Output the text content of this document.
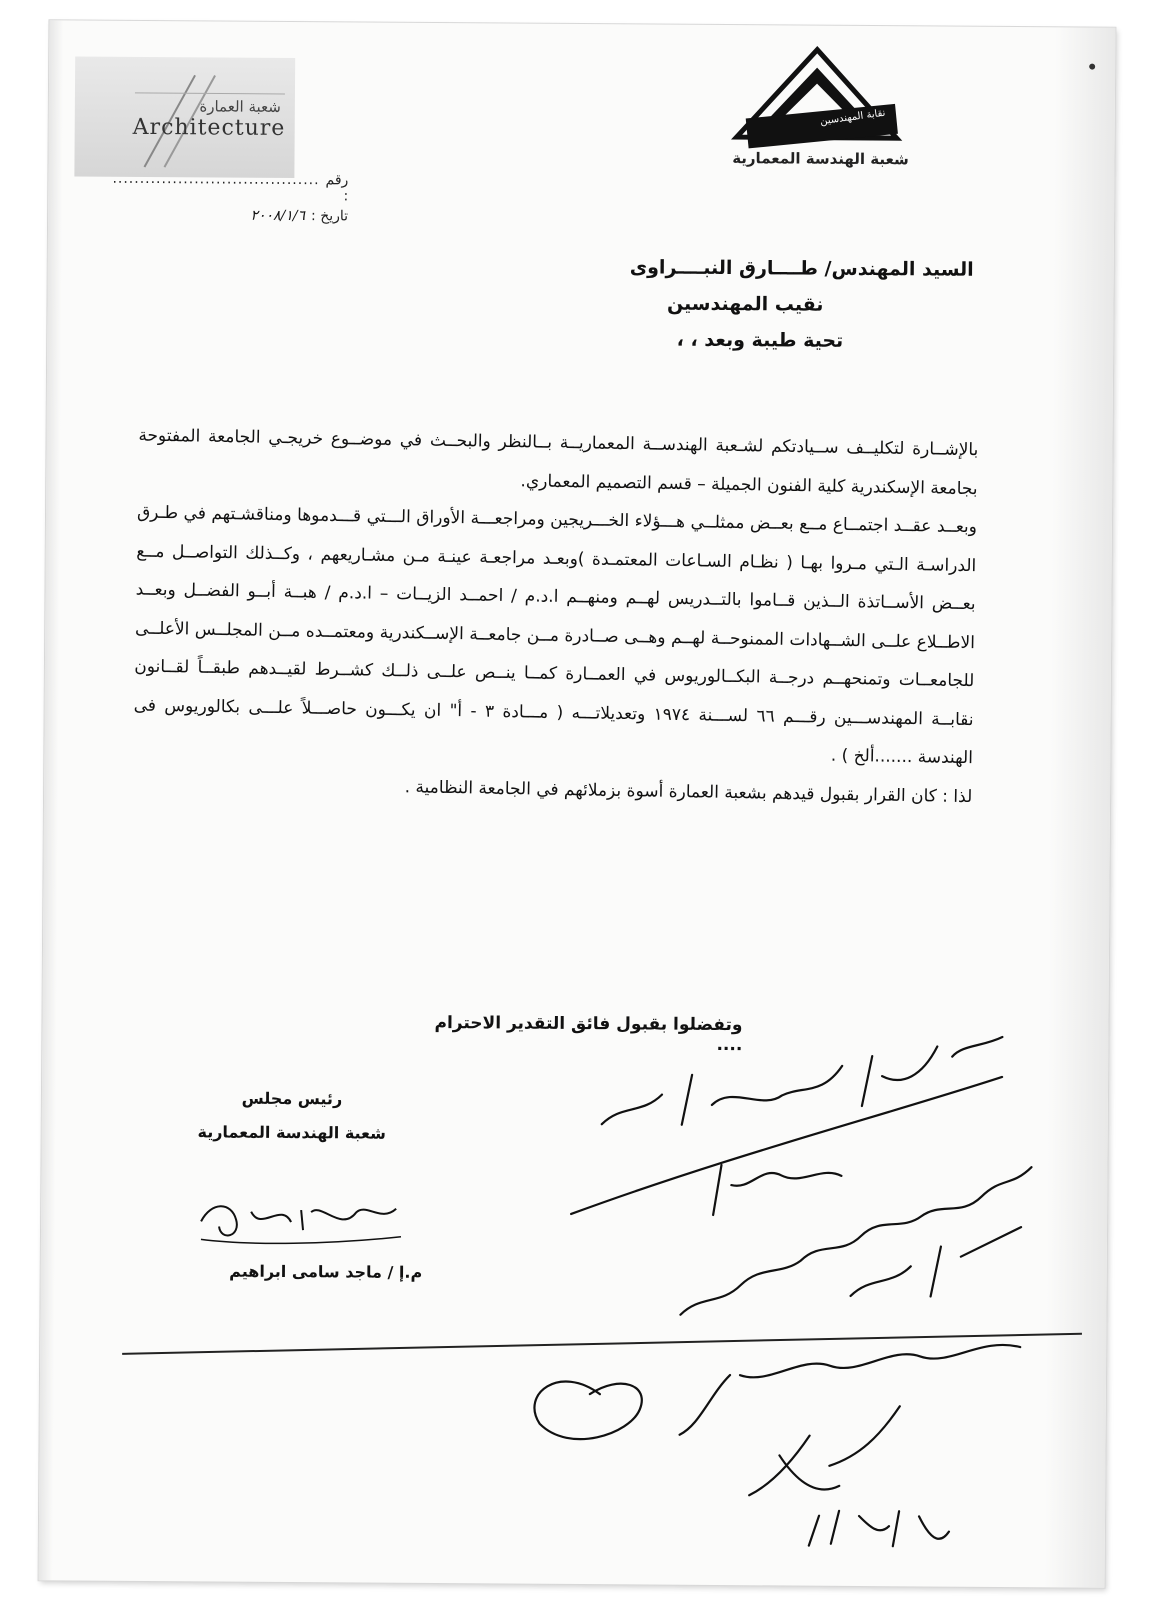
شعبة العمارة
Architecture	نقابة المهندسين
شعبة الهندسة المعمارية
رقم :
......................................
تاريخ :
٢٠٠٨/١/٦
السيد المهندس/ طــــارق النبــــراوى
نقيب المهندسين
تحية طيبة وبعد ، ،

بالإشــارة لتكليــف ســيادتكم لشـعبة الهندســة المعماريــة بــالنظر والبحــث في موضــوع خريجـي الجامعة المفتوحة بجامعة الإسكندرية كلية الفنون الجميلة – قسم التصميم المعماري.

وبعــد عقــد اجتمــاع مــع بعــض ممثلــي هـــؤلاء الخـــريجين ومراجعـــة الأوراق الـــتي قـــدموها ومناقشـتهم في طـرق الدراسـة الـتي مـروا بهـا ( نظـام السـاعات المعتمـدة )وبعـد مراجعـة عينـة مـن مشـاريعهم ، وكــذلك التواصــل مــع بعــض الأســاتذة الــذين قــاموا بالتــدريس لهــم ومنهــم ا.د.م / احمــد الزيــات – ا.د.م / هبــة أبــو الفضــل وبعــد الاطــلاع علــى الشــهادات الممنوحــة لهــم وهــى صــادرة مــن جامعــة الإســكندرية ومعتمــده مــن المجلــس الأعلــى للجامعــات وتمنحهــم درجــة البكــالوريوس في العمــارة كمــا ينــص علــى ذلــك كشــرط لقيــدهم طبقــاً لقــانون نقابــة المهندســـين رقـــم ٦٦ لســـنة ١٩٧٤ وتعديلاتـــه ( مـــادة ٣ - أ" ان يكـــون حاصـــلاً علـــى بكالوريوس فى الهندسة .......ألخ ) .

لذا : كان القرار بقبول قيدهم بشعبة العمارة أسوة بزملائهم في الجامعة النظامية .

وتفضلوا بقبول فائق التقدير الاحترام ....
رئيس مجلس
شعبة الهندسة المعمارية
م.إ / ماجد سامى ابراهيم
